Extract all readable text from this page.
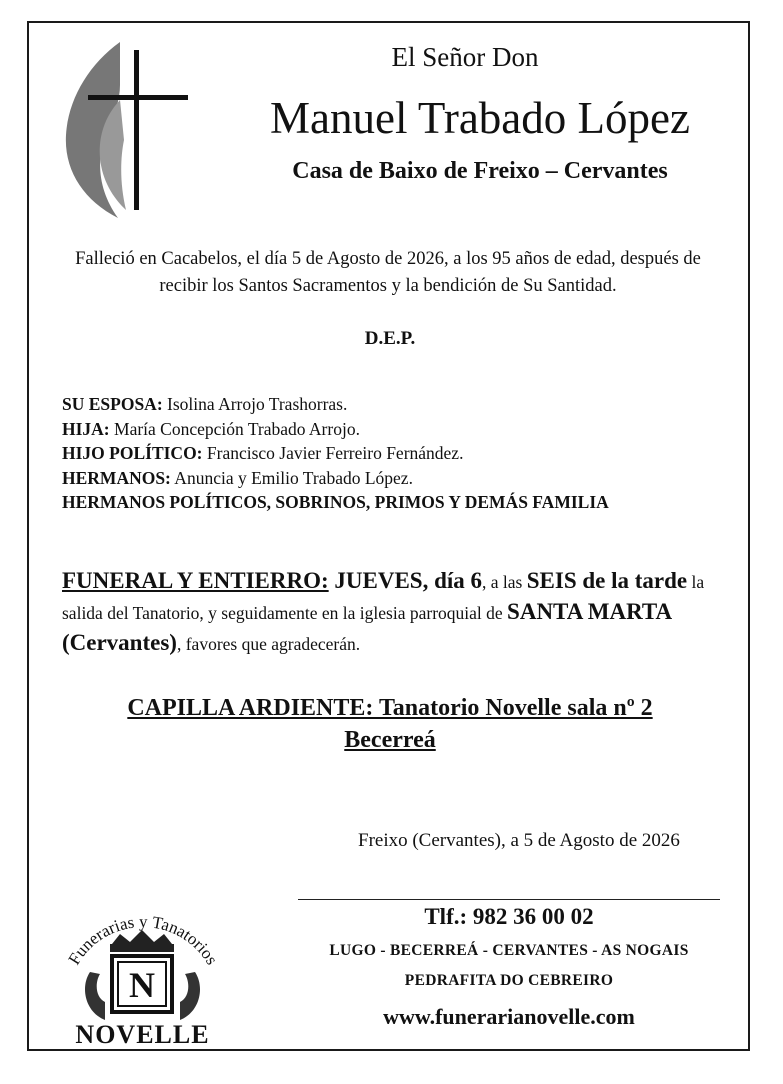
El Señor Don
Manuel Trabado López
Casa de Baixo de Freixo – Cervantes
Falleció en Cacabelos, el día 5 de Agosto de 2026, a los 95 años de edad, después de recibir los Santos Sacramentos y la bendición de Su Santidad.
D.E.P.
SU ESPOSA: Isolina Arrojo Trashorras.
HIJA: María Concepción Trabado Arrojo.
HIJO POLÍTICO: Francisco Javier Ferreiro Fernández.
HERMANOS: Anuncia y Emilio Trabado López.
HERMANOS POLÍTICOS, SOBRINOS, PRIMOS Y DEMÁS FAMILIA
FUNERAL Y ENTIERRO: JUEVES, día 6, a las SEIS de la tarde la salida del Tanatorio, y seguidamente en la iglesia parroquial de SANTA MARTA (Cervantes), favores que agradecerán.
CAPILLA ARDIENTE: Tanatorio Novelle sala nº 2
Becerreá
Freixo (Cervantes), a 5 de Agosto de 2026
Tlf.: 982 36 00 02
LUGO - BECERREÁ - CERVANTES - AS NOGAIS
PEDRAFITA DO CEBREIRO
www.funerarianovelle.com
Funerarias y Tanatorios
N
NOVELLE
